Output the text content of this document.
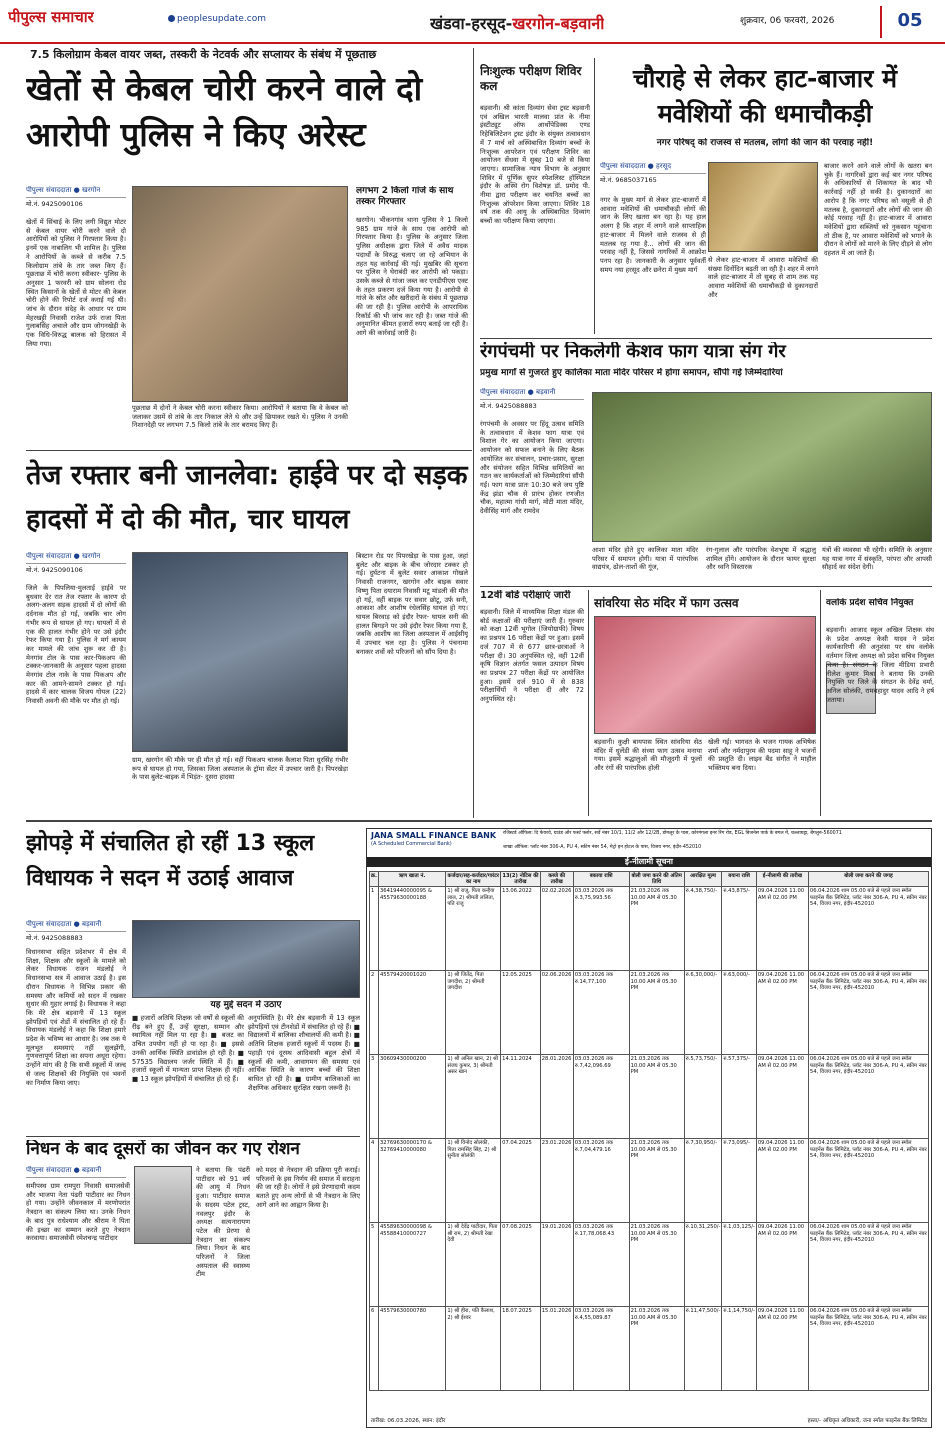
पीपुल्स समाचार	peoplesupdate.com	खंडवा-हरसूद-खरगोन-बड़वानी	शुक्रवार, 06 फरवरी, 2026	05
7.5 किलोग्राम केबल वायर जब्त, तस्करी के नेटवर्क और सप्लायर के संबंध में पूछताछ
खेतों से केबल चोरी करने वाले दो आरोपी पुलिस ने किए अरेस्ट
पीपुल्स संवाददाता ● खरगोन
मो.नं. 9425090106
खेतों में सिंचाई के लिए लगी विद्युत मोटर से केबल वायर चोरी करने वाले दो आरोपियों को पुलिस ने गिरफ्तार किया है। इनमें एक नाबालिग भी शामिल है। पुलिस ने आरोपियों के कब्जे से करीब 7.5 किलोग्राम तांबे के तार जब्त किए हैं। पूछताछ में चोरी करना स्वीकार- पुलिस के अनुसार 1 फरवरी को ग्राम सोलना रोड स्थित किसानों के खेतों से मोटर की केबल चोरी होने की रिपोर्ट दर्ज कराई गई थी। जांच के दौरान संदेह के आधार पर ग्राम मेहरखट्टी निवासी राजेश उर्फ राजा पिता गुलाबसिंह अचाले और ग्राम जोगनखेड़ी के एक विधि-विरुद्ध बालक को हिरासत में लिया गया।
पूछताछ में दोनों ने केबल चोरी करना स्वीकार किया। आरोपियों ने बताया कि वे केबल को जलाकर उसमें से तांबे के तार निकाल लेते थे और उन्हें छिपाकर रखते थे। पुलिस ने उनकी निशानदेही पर लगभग 7.5 किलो तांबे के तार बरामद किए हैं।
लगभग 2 किलो गांजे के साथ तस्कर गिरफ्तार
खरगोन। भीकनगांव थाना पुलिस ने 1 किलो 985 ग्राम गांजे के साथ एक आरोपी को गिरफ्तार किया है। पुलिस के अनुसार जिला पुलिस अधीक्षक द्वारा जिले में अवैध मादक पदार्थों के विरुद्ध चलाए जा रहे अभियान के तहत यह कार्रवाई की गई। मुखबिर की सूचना पर पुलिस ने घेराबंदी कर आरोपी को पकड़ा। उसके कब्जे से गांजा जब्त कर एनडीपीएस एक्ट के तहत प्रकरण दर्ज किया गया है। आरोपी से गांजे के स्रोत और खरीदारों के संबंध में पूछताछ की जा रही है। पुलिस आरोपी के आपराधिक रिकॉर्ड की भी जांच कर रही है। जब्त गांजे की अनुमानित कीमत हजारों रुपए बताई जा रही है। आगे की कार्रवाई जारी है।
तेज रफ्तार बनी जानलेवा: हाईवे पर दो सड़क हादसों में दो की मौत, चार घायल
पीपुल्स संवाददाता ● खरगोन
मो.नं. 9425090106
जिले के पिपलिया-मुलताई हाईवे पर बुधवार देर रात तेज रफ्तार के कारण दो अलग-अलग सड़क हादसों में दो लोगों की दर्दनाक मौत हो गई, जबकि चार लोग गंभीर रूप से घायल हो गए। घायलों में से एक की हालत गंभीर होने पर उसे इंदौर रेफर किया गया है। पुलिस ने मर्ग कायम कर मामले की जांच शुरू कर दी है। मेनगांव टोल के पास कार-पिकअप की टक्कर-जानकारी के अनुसार पहला हादसा मेनगांव टोल नाके के पास पिकअप और कार की आमने-सामने टक्कर हो गई। हादसे में कार चालक विजय गोयल (22) निवासी अवनी की मौके पर मौत हो गई।
ग्राम, खरगोन की मौके पर ही मौत हो गई। वहीं पिकअप चालक कैलाश पिता धुरसिंह गंभीर रूप से घायल हो गया, जिसका जिला अस्पताल के ट्रॉमा सेंटर में उपचार जारी है। पिपरखेड़ा के पास बुलेट-बाइक में भिड़ंत- दूसरा हादसा
बिस्टान रोड पर पिपरखेड़ा के पास हुआ, जहां बुलेट और बाइक के बीच जोरदार टक्कर हो गई। दुर्घटना में बुलेट सवार आकाश गोखले निवासी राजनगर, खरगोन और बाइक सवार विष्णु पिता दयाराम निवासी मटू मांडली की मौत हो गई, वहीं बाइक पर सवार छोटू, उर्फ सनी, आकाश और आशीष रंधेलसिंह घायल हो गए। घायल बिरवाड़ को इंदौर रेफर- घायल सनी की हालत बिगड़ने पर उसे इंदौर रेफर किया गया है, जबकि आशीष का जिला अस्पताल में आईसीयू में उपचार चल रहा है। पुलिस ने पंचनामा बनाकर शवों को परिजनों को सौंप दिया है।
निःशुल्क परीक्षण शिविर कल
बड़वानी। श्री कांता दिव्यांग सेवा ट्रस्ट बड़वानी एवं अखिल भारती मालवा प्रांत के नीमा इंस्टीट्यूट ऑफ आर्थोपेडिक्स एण्ड रिहेबिलिटेशन ट्रस्ट इंदौर के संयुक्त तत्वावधान में 7 मार्च को अस्थिबाधित दिव्यांग बच्चों के निःशुल्क आपरेशन एवं परीक्षण शिविर का आयोजन सेंधवा में सुबह 10 बजे से किया जाएगा। सामाजिक न्याय विभाग के अनुसार शिविर में पूर्णिक सुपर स्पेशलिस्ट हॉस्पिटल इंदौर के अस्थि रोग विशेषज्ञ डॉ. प्रमोद पी. नीमा द्वारा परीक्षण कर चयनित बच्चों का निःशुल्क ऑपरेशन किया जाएगा। शिविर 18 वर्ष तक की आयु के अस्थिबाधित दिव्यांग बच्चों का परीक्षण किया जाएगा।
चौराहे से लेकर हाट-बाजार में मवेशियों की धमाचौकड़ी
नगर परिषद् को राजस्व से मतलब, लोगों की जान की परवाह नहीं!
पीपुल्स संवाददाता ● हरसूद
मो.नं. 9685037165
नगर के मुख्य मार्ग से लेकर हाट-बाजारों में आवारा मवेशियों की धमाचौकड़ी लोगों की जान के लिए खतरा बन रहा है। यह हाल अलग है कि शहर में लगने वाले साप्ताहिक हाट-बाजार में मिलने वाले राजस्व से ही मतलब रह गया है... लोगों की जान की परवाह नहीं है, जिससे नागरिकों में आक्रोश पनप रहा है। जानकारी के अनुसार पूर्ववर्ती समय नया हरसूद और छनेरा में मुख्य मार्ग
से लेकर हाट-बाजार में आवारा मवेशियों की संख्या दिनोंदिन बढ़ती जा रही है। शहर में लगने वाले हाट-बाजार में तो सुबह से शाम तक यह आवारा मवेशियों की धमाचौकड़ी से दुकानदारों और
बाजार करने आने वाले लोगों के खतरा बन चुके हैं। नागरिकों द्वारा कई बार नगर परिषद के अधिकारियों से शिकायत के बाद भी कार्रवाई नहीं हो सकी है। दुकानदारों का आरोप है कि नगर परिषद को वसूली से ही मतलब है, दुकानदारों और लोगों की जान की कोई परवाह नहीं है। हाट-बाजार में आवारा मवेशियों द्वारा सब्जियों को नुकसान पहुंचाना तो ठीक है, पर आवारा मवेशियों को भगाने के दौरान वे लोगों को मारने के लिए दौड़ने से लोग दहशत में आ जाते हैं।
रंगपंचमी पर निकलेगी केशव फाग यात्रा संग गेर
प्रमुख मार्गों से गुजरते हुए कालिका माता मंदिर परिसर में होगा समापन, सौंपी गई जिम्मेदारियां
पीपुल्स संवाददाता ● बड़वानी
मो.नं. 9425088883
रंगपंचमी के अवसर पर हिंदू उत्सव समिति के तत्वावधान में केशव फाग यात्रा एवं विशाल गेर का आयोजन किया जाएगा। आयोजन को सफल बनाने के लिए बैठक आयोजित कर संचालन, प्रचार-प्रसार, सुरक्षा और संयोजन सहित विभिन्न समितियों का गठन कर कार्यकर्ताओं को जिम्मेदारियां सौंपी गईं। फाग यात्रा प्रातः 10:30 बजे जय पुष्टि केंद्र झंडा चौक से प्रारंभ होकर रणजीत चौक, महात्मा गांधी मार्ग, मोटी माता मंदिर, देवीसिंह मार्ग और रामदेव
आशा मंदिर होते हुए कालिका माता मंदिर परिसर में समापन होगी। यात्रा में पारंपरिक वाद्ययंत्र, ढोल-ताशों की गूंज,
रंग-गुलाल और पारंपरिक वेशभूषा में श्रद्धालु शामिल होंगे। आयोजन के दौरान फायर सुरक्षा और ध्वनि विस्तारक
यंत्रों की व्यवस्था भी रहेगी। समिति के अनुसार यह यात्रा नगर में संस्कृति, परंपरा और आपसी सौहार्द का संदेश देगी।
12वीं बोर्ड परीक्षाएं जारी
बड़वानी। जिले में माध्यमिक शिक्षा मंडल की बोर्ड कक्षाओं की परीक्षाएं जारी हैं। गुरुवार को कक्षा 12वीं भूगोल (जियोग्राफी) विषय का प्रश्नपत्र 16 परीक्षा केंद्रों पर हुआ। इसमें दर्ज 707 में से 677 छात्र-छात्राओं ने परीक्षा दी। 30 अनुपस्थित रहे, वहीं 12वीं कृषि विज्ञान अंतर्गत फसल उत्पादन विषय का प्रश्नपत्र 27 परीक्षा केंद्रों पर आयोजित हुआ। इसमें दर्ज 910 में से 838 परीक्षार्थियों ने परीक्षा दी और 72 अनुपस्थित रहे।
सांवरिया सेठ मंदिर में फाग उत्सव
बड़वानी। कुक्षी बायपास स्थित सांवरिया सेठ मंदिर में धुलेंडी की संध्या फाग उत्सव मनाया गया। इसमें श्रद्धालुओं की मौजूदगी में फूलों और रंगों की पारंपरिक होली
खेली गई। भागवत के भजन गायक अभिषेक शर्मा और नर्मदापुरम की पदमा साहू ने भजनों की प्रस्तुति दी। लाइव बैंड संगीत ने माहौल भक्तिमय बना दिया।
वलोके प्रदेश सचिव नियुक्त
बड़वानी। आजाद स्कूल अखिल शिक्षक संघ के प्रदेश अध्यक्ष केसी यादव ने प्रदेश कार्यकारिणी की अनुशंसा पर संघ वलोके वर्तमान जिला अध्यक्ष को प्रदेश सचिव नियुक्त किया है। संगठन के जिला मीडिया प्रभारी नीलेश कुमार मिश्रा ने बताया कि उनकी नियुक्ति पर जिले के संगठन के देवेंद्र वर्मा, अनिल सोलंकी, रामबहादुर यादव आदि ने हर्ष जताया।
झोपड़े में संचालित हो रहीं 13 स्कूल विधायक ने सदन में उठाई आवाज
पीपुल्स संवाददाता ● बड़वानी
मो.नं. 9425088883
विधानसभा सहित प्रदेशभर में क्षेत्र में शिक्षा, शिक्षक और स्कूलों के मामले को लेकर विधायक राजन मंडलोई ने विधानसभा सत्र में आवाज उठाई है। इस दौरान विधायक ने विभिन्न प्रकार की समस्या और कमियों को सदन में रखकर सुधार की गुहार लगाई है। विधायक ने कहा कि मेरे क्षेत्र बड़वानी में 13 स्कूल झोपड़ियों एवं शेडों में संचालित हो रहे हैं। विधायक मंडलोई ने कहा कि शिक्षा हमारे प्रदेश के भविष्य का आधार है। जब तक ये मूलभूत समस्याएं नहीं सुलझेंगी, गुणवत्तापूर्ण शिक्षा का सपना अधूरा रहेगा। उन्होंने मांग की है कि सभी स्कूलों में जल्द से जल्द शिक्षकों की नियुक्ति एवं भवनों का निर्माण किया जाए।
यह मुद्दे सदन में उठाए
■ हजारों अतिथि शिक्षक जो वर्षों से स्कूलों की रीढ़ बने हुए हैं, उन्हें सुरक्षा, सम्मान और स्थायित्व नहीं मिल पा रहा है। ■ बजट का उचित उपयोग नहीं हो पा रहा है। ■ इससे उनकी आर्थिक स्थिति डावांडोल हो रही है। ■ 57535 विद्यालय जर्जर स्थिति में हैं। ■ हजारों स्कूलों में मान्यता प्राप्त शिक्षक ही नहीं। ■ 13 स्कूल झोपड़ियों में संचालित हो रहे हैं।
अनुपस्थिति है। मेरे क्षेत्र बड़वानी में 13 स्कूल झोपड़ियों एवं टीनशेडों में संचालित हो रहे हैं। ■ विद्यालयों में बालिका शौचालयों की कमी है। ■ अतिथि शिक्षक हजारों स्कूलों में पदस्थ हैं। ■ पहाड़ी एवं दूरस्थ आदिवासी बहुल क्षेत्रों में स्कूलों की कमी, आवागमन की समस्या एवं आर्थिक स्थिति के कारण बच्चों की शिक्षा बाधित हो रही है। ■ ग्रामीण बालिकाओं का शैक्षणिक अधिकार सुरक्षित रखना जरूरी है।
निधन के बाद दूसरों का जीवन कर गए रोशन
पीपुल्स संवाददाता ● बड़वानी
समीपस्थ ग्राम रामपुरा निवासी समाजसेवी और भाजपा नेता पंढरी पाटीदार का निधन हो गया। उन्होंने जीवनकाल में मरणोपरांत नेत्रदान का संकल्प लिया था। उनके निधन के बाद पुत्र राधेश्याम और श्रीराम ने पिता की इच्छा का सम्मान करते हुए नेत्रदान करवाया। समाजसेवी रमेशचन्द्र पाटीदार
ने बताया कि पंढरी पाटीदार को 91 वर्ष की आयु में निधन हुआ। पाटीदार समाज के सदस्य पटेल ट्रस्ट, नवलपुर इंदौर के अध्यक्ष सत्यनारायण पटेल की प्रेरणा से नेत्रदान का संकल्प लिया। निधन के बाद परिजनों ने जिला अस्पताल की स्वास्थ्य टीम
को मदद से नेत्रदान की प्रक्रिया पूरी कराई। परिजनों के इस निर्णय की समाज में सराहना की जा रही है। लोगों ने इसे प्रेरणादायी कदम बताते हुए अन्य लोगों से भी नेत्रदान के लिए आगे आने का आह्वान किया है।
JANA SMALL FINANCE BANK
(A Scheduled Commercial Bank)
रजिस्टर्ड ऑफिस: दि फेयरवे, ग्राउंड और फर्स्ट फ्लोर, सर्वे नंबर 10/1, 11/2 और 12/2B, डोमलूर के पास, कोरमंगला इनर रिंग रोड, EGL बिजनेस पार्क के बगल में, चल्लाघट्टा, बेंगलुरु-560071
शाखा ऑफिस: प्लॉट नंबर 306-A, PU 4, स्कीम नंबर 54, मेट्रो इन होटल के पास, विजय नगर, इंदौर-452010
ई-नीलामी सूचना
क्र.	ऋण खाता नं.	कर्जदार/सह-कर्जदार/गारंटर का नाम	13(2) नोटिस की तारीख	कब्जे की तारीख	बकाया राशि	बोली जमा करने की अंतिम तिथि	आरक्षित मूल्य	बयाना राशि	ई-नीलामी की तारीख	बोली जमा करने की जगह
1	36419440000095 & 45579630000188	1) श्री राजू, पिता कन्हैया लाल, 2) श्रीमती ललिता, पति राजू	13.06.2022	02.02.2026	03.03.2026 तक रु.3,75,993.56	21.03.2026 तक 10.00 AM से 05.30 PM	रु.4,38,750/-	रु.43,875/-	09.04.2026 11.00 AM से 02.00 PM	06.04.2026 शाम 05.00 बजे से पहले जना स्मॉल फाइनेंस बैंक लिमिटेड, प्लॉट नंबर 306-A, PU 4, स्कीम नंबर 54, विजय नगर, इंदौर-452010
2	45579420001020	1) श्री जितेंद्र, पिता जगदीश, 2) श्रीमती जगदीश	12.05.2025	02.06.2026	03.03.2026 तक रु.14,77,100	21.03.2026 तक 10.00 AM से 05.30 PM	रु.6,30,000/-	रु.63,000/-	09.04.2026 11.00 AM से 02.00 PM	06.04.2026 शाम 05.00 बजे से पहले जना स्मॉल फाइनेंस बैंक लिमिटेड, प्लॉट नंबर 306-A, PU 4, स्कीम नंबर 54, विजय नगर, इंदौर-452010
3	30609430000200	1) श्री अनिल खान, 2) श्री संजय कुमार, 3) श्रीमती असर खान	14.11.2024	28.01.2026	03.03.2026 तक रु.7,42,096.69	21.03.2026 तक 10.00 AM से 05.30 PM	रु.5,73,750/-	रु.57,375/-	09.04.2026 11.00 AM से 02.00 PM	06.04.2026 शाम 05.00 बजे से पहले जना स्मॉल फाइनेंस बैंक लिमिटेड, प्लॉट नंबर 306-A, PU 4, स्कीम नंबर 54, विजय नगर, इंदौर-452010
4	32769630000170 & 32769410000080	1) श्री विनोद सोलंकी, पिता रामसिंह सिंह, 2) श्री सुनीता सोलंकी	07.04.2025	23.01.2026	03.03.2026 तक रु.7,04,479.16	21.03.2026 तक 10.00 AM से 05.30 PM	रु.7,30,950/-	रु.73,095/-	09.04.2026 11.00 AM से 02.00 PM	06.04.2026 शाम 05.00 बजे से पहले जना स्मॉल फाइनेंस बैंक लिमिटेड, प्लॉट नंबर 306-A, PU 4, स्कीम नंबर 54, विजय नगर, इंदौर-452010
5	45589630000098 & 45588410000727	1) श्री देवेंद्र पाटीदार, पिता श्री राम, 2) श्रीमती रेखा देवी	07.08.2025	19.01.2026	03.03.2026 तक रु.17,78,068.43	21.03.2026 तक 10.00 AM से 05.30 PM	रु.10,31,250/-	रु.1,03,125/-	09.04.2026 11.00 AM से 02.00 PM	06.04.2026 शाम 05.00 बजे से पहले जना स्मॉल फाइनेंस बैंक लिमिटेड, प्लॉट नंबर 306-A, PU 4, स्कीम नंबर 54, विजय नगर, इंदौर-452010
6	45579630000780	1) श्री हीरा, पति कैलाश, 2) श्री ईश्वर	18.07.2025	15.01.2026	03.03.2026 तक रु.4,55,089.87	21.03.2026 तक 10.00 AM से 05.30 PM	रु.11,47,500/-	रु.1,14,750/-	09.04.2026 11.00 AM से 02.00 PM	06.04.2026 शाम 05.00 बजे से पहले जना स्मॉल फाइनेंस बैंक लिमिटेड, प्लॉट नंबर 306-A, PU 4, स्कीम नंबर 54, विजय नगर, इंदौर-452010
तारीख: 06.03.2026, स्थान: इंदौर	हस्ता/- अधिकृत अधिकारी, जना स्मॉल फाइनेंस बैंक लिमिटेड
